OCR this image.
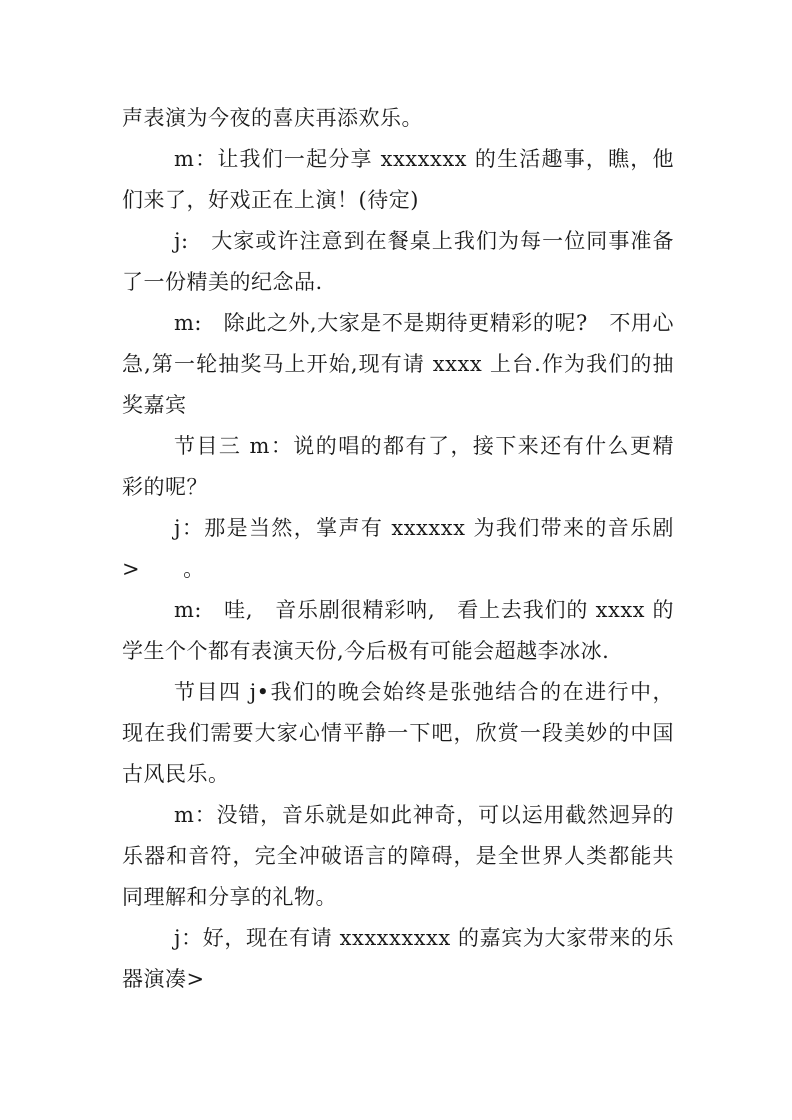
声表演为今夜的喜庆再添欢乐。

m：让我们一起分享 xxxxxxx 的生活趣事，瞧，他们来了，好戏正在上演！(待定)

j:　大家或许注意到在餐桌上我们为每一位同事准备了一份精美的纪念品.

m:　除此之外,大家是不是期待更精彩的呢?　不用心急,第一轮抽奖马上开始,现有请 xxxx 上台.作为我们的抽奖嘉宾

节目三 m：说的唱的都有了，接下来还有什么更精彩的呢？

j：那是当然，掌声有 xxxxxx 为我们带来的音乐剧>　　。

m:　哇,　音乐剧很精彩呐,　看上去我们的 xxxx 的学生个个都有表演天份,今后极有可能会超越李冰冰.

节目四 j•我们的晚会始终是张弛结合的在进行中，现在我们需要大家心情平静一下吧，欣赏一段美妙的中国古风民乐。

m：没错，音乐就是如此神奇，可以运用截然迥异的乐器和音符，完全冲破语言的障碍，是全世界人类都能共同理解和分享的礼物。

j：好，现在有请 xxxxxxxxx 的嘉宾为大家带来的乐器演凑>
